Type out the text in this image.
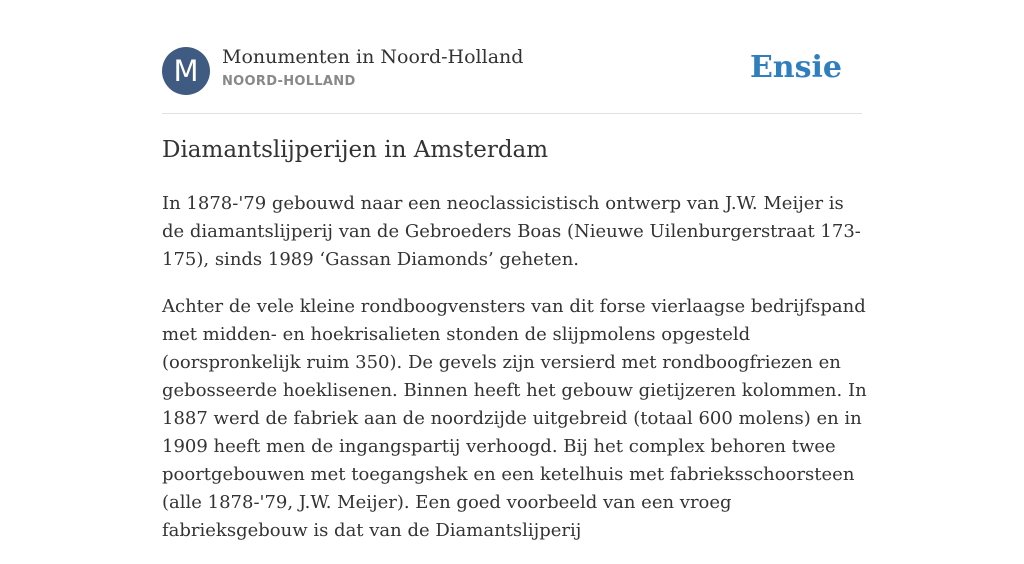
M	Monumenten in Noord-Holland
NOORD-HOLLAND	Ensie
Diamantslijperijen in Amsterdam

In 1878-'79 gebouwd naar een neoclassicistisch ontwerp van J.W. Meijer is de diamantslijperij van de Gebroeders Boas (Nieuwe Uilenburgerstraat 173-175), sinds 1989 ‘Gassan Diamonds’ geheten.

Achter de vele kleine rondboogvensters van dit forse vierlaagse bedrijfspand met midden- en hoekrisalieten stonden de slijpmolens opgesteld (oorspronkelijk ruim 350). De gevels zijn versierd met rondboogfriezen en gebosseerde hoeklisenen. Binnen heeft het gebouw gietijzeren kolommen. In 1887 werd de fabriek aan de noordzijde uitgebreid (totaal 600 molens) en in 1909 heeft men de ingangspartij verhoogd. Bij het complex behoren twee poortgebouwen met toegangshek en een ketelhuis met fabrieksschoorsteen (alle 1878-'79, J.W. Meijer). Een goed voorbeeld van een vroeg fabrieksgebouw is dat van de Diamantslijperij
